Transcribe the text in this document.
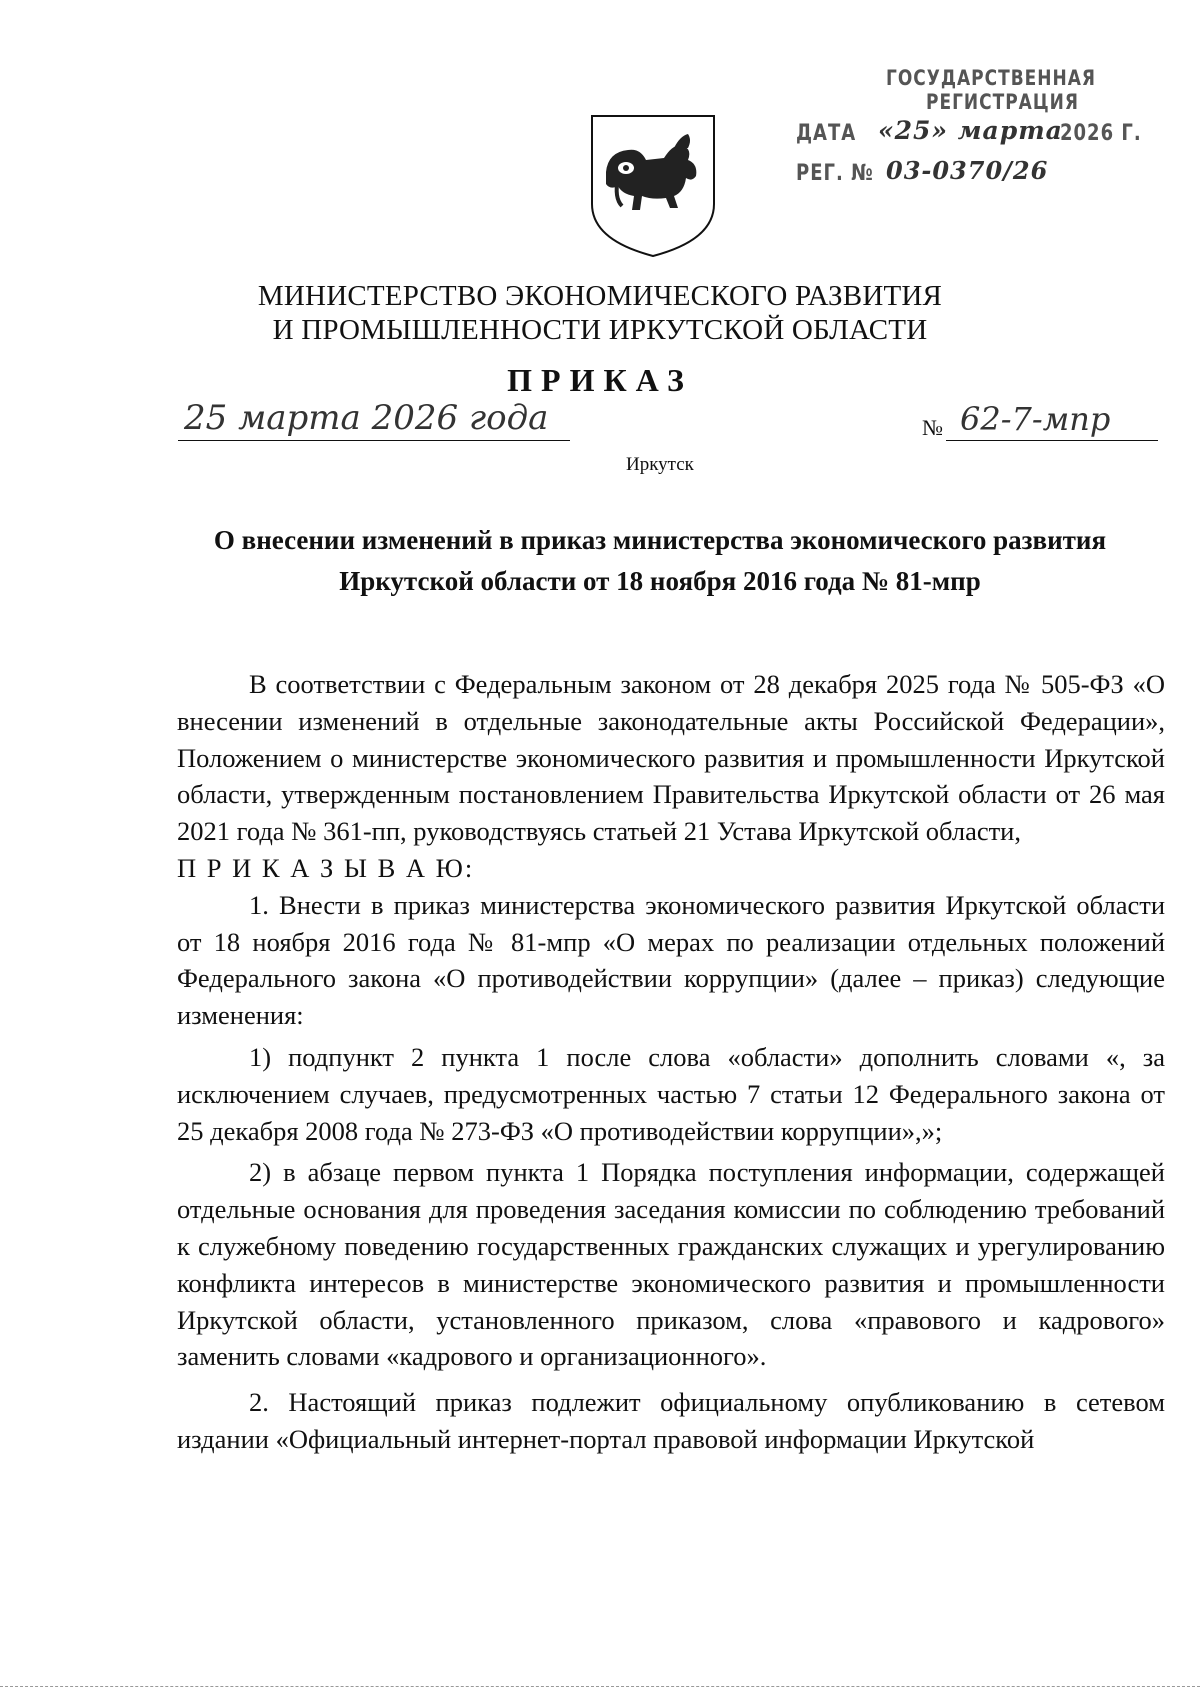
ГОСУДАРСТВЕННАЯ
РЕГИСТРАЦИЯ
ДАТА «25» марта
2026 Г.
РЕГ. № 03-0370/26
МИНИСТЕРСТВО ЭКОНОМИЧЕСКОГО РАЗВИТИЯ
И ПРОМЫШЛЕННОСТИ ИРКУТСКОЙ ОБЛАСТИ
ПРИКАЗ
25 марта 2026 года	№ 62-7-мпр
Иркутск
О внесении изменений в приказ министерства экономического развития
Иркутской области от 18 ноября 2016 года № 81-мпр

В соответствии с Федеральным законом от 28 декабря 2025 года № 505-ФЗ «О внесении изменений в отдельные законодательные акты Российской Федерации», Положением о министерстве экономического развития и промышленности Иркутской области, утвержденным постановлением Правительства Иркутской области от 26 мая 2021 года № 361-пп, руководствуясь статьей 21 Устава Иркутской области,

П Р И К А З Ы В А Ю:

1. Внести в приказ министерства экономического развития Иркутской области от 18 ноября 2016 года № 81-мпр «О мерах по реализации отдельных положений Федерального закона «О противодействии коррупции» (далее – приказ) следующие изменения:

1) подпункт 2 пункта 1 после слова «области» дополнить словами «, за исключением случаев, предусмотренных частью 7 статьи 12 Федерального закона от 25 декабря 2008 года № 273-ФЗ «О противодействии коррупции»,»;

2) в абзаце первом пункта 1 Порядка поступления информации, содержащей отдельные основания для проведения заседания комиссии по соблюдению требований к служебному поведению государственных гражданских служащих и урегулированию конфликта интересов в министерстве экономического развития и промышленности Иркутской области, установленного приказом, слова «правового и кадрового» заменить словами «кадрового и организационного».

2. Настоящий приказ подлежит официальному опубликованию в сетевом издании «Официальный интернет-портал правовой информации Иркутской
